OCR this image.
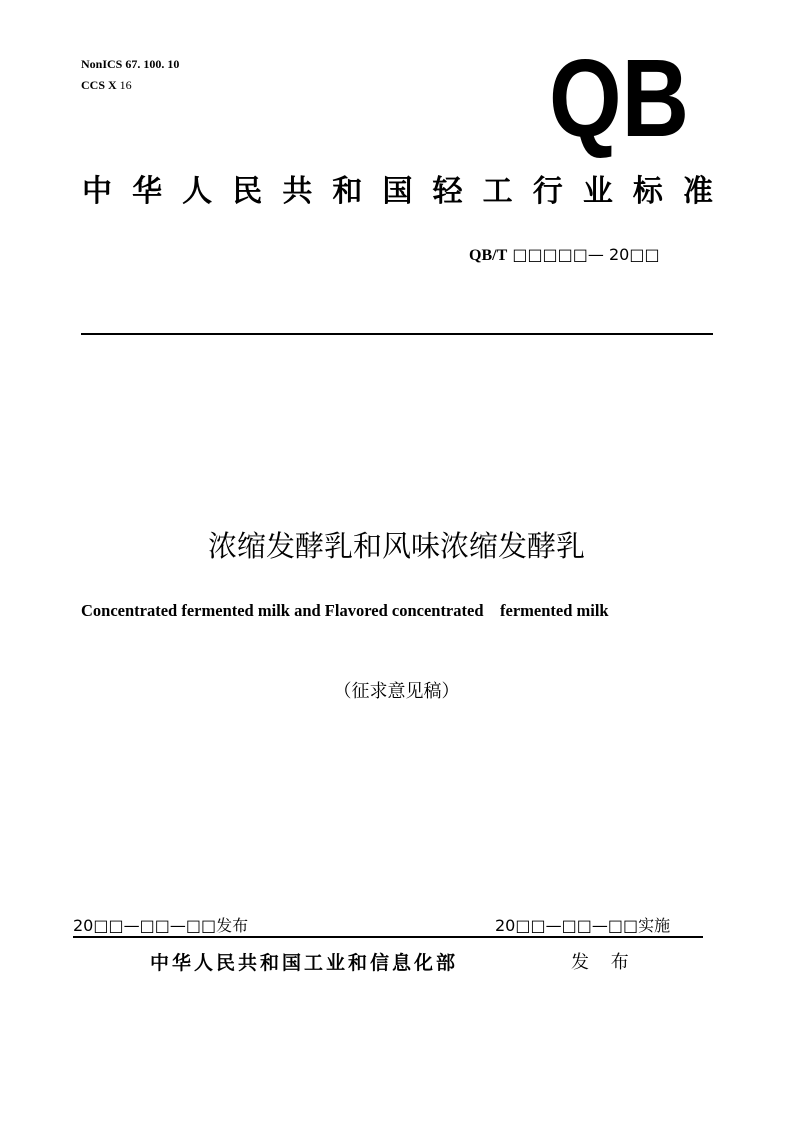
NonICS 67. 100. 10
CCS X 16	QB
中华人民共和国轻工行业标准
QB/T □□□□□— 20□□
浓缩发酵乳和风味浓缩发酵乳
Concentrated fermented milk and Flavored concentrated    fermented milk
（征求意见稿）
20□□—□□—□□发布	20□□—□□—□□实施
中华人民共和国工业和信息化部	发 布
